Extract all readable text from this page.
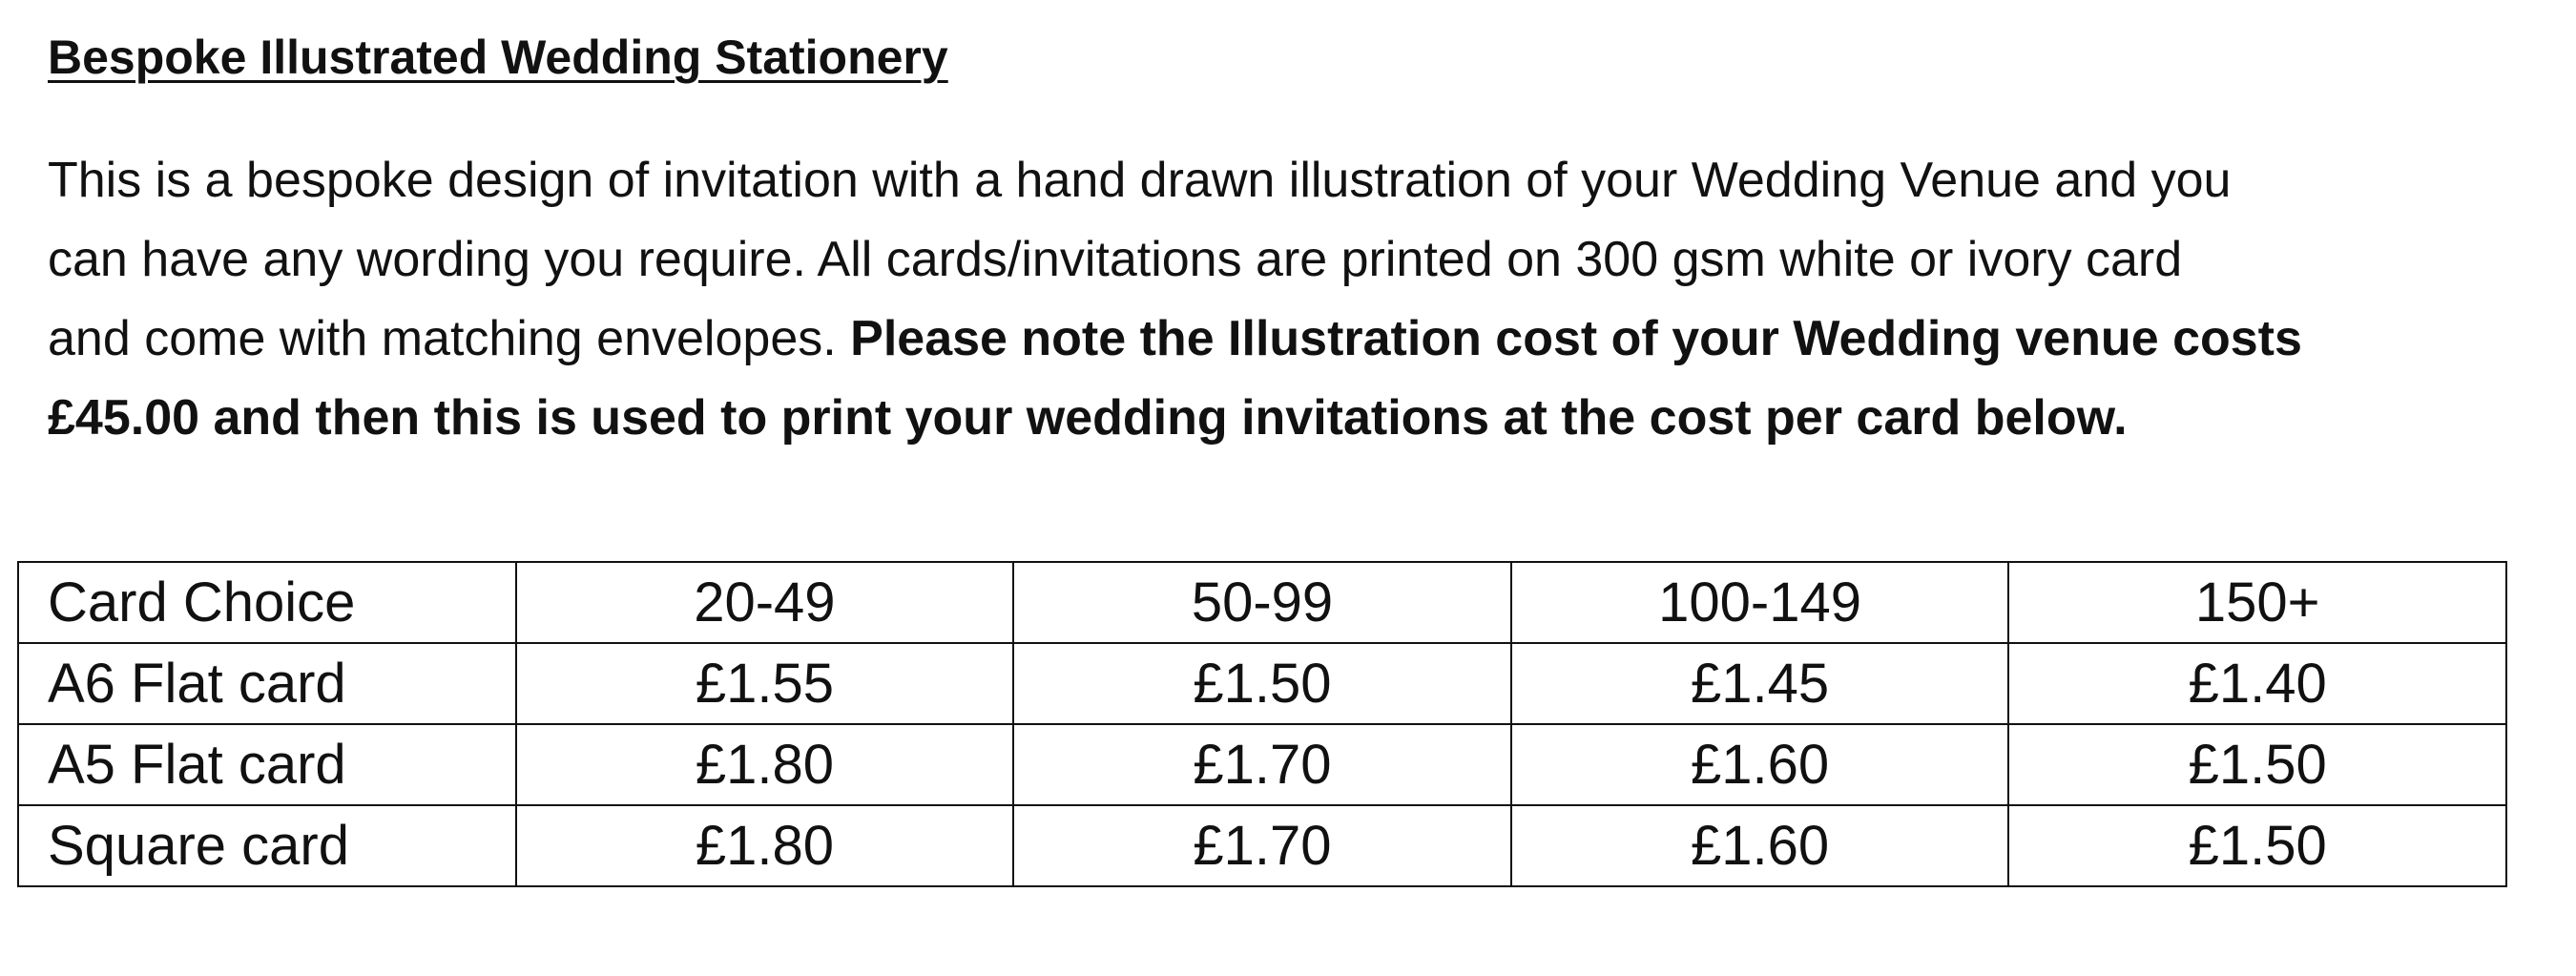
Bespoke Illustrated Wedding Stationery

This is a bespoke design of invitation with a hand drawn illustration of your Wedding Venue and you
can have any wording you require. All cards/invitations are printed on 300 gsm white or ivory card
and come with matching envelopes. Please note the Illustration cost of your Wedding venue costs
£45.00 and then this is used to print your wedding invitations at the cost per card below.

Card Choice	20-49	50-99	100-149	150+
A6 Flat card	£1.55	£1.50	£1.45	£1.40
A5 Flat card	£1.80	£1.70	£1.60	£1.50
Square card	£1.80	£1.70	£1.60	£1.50
